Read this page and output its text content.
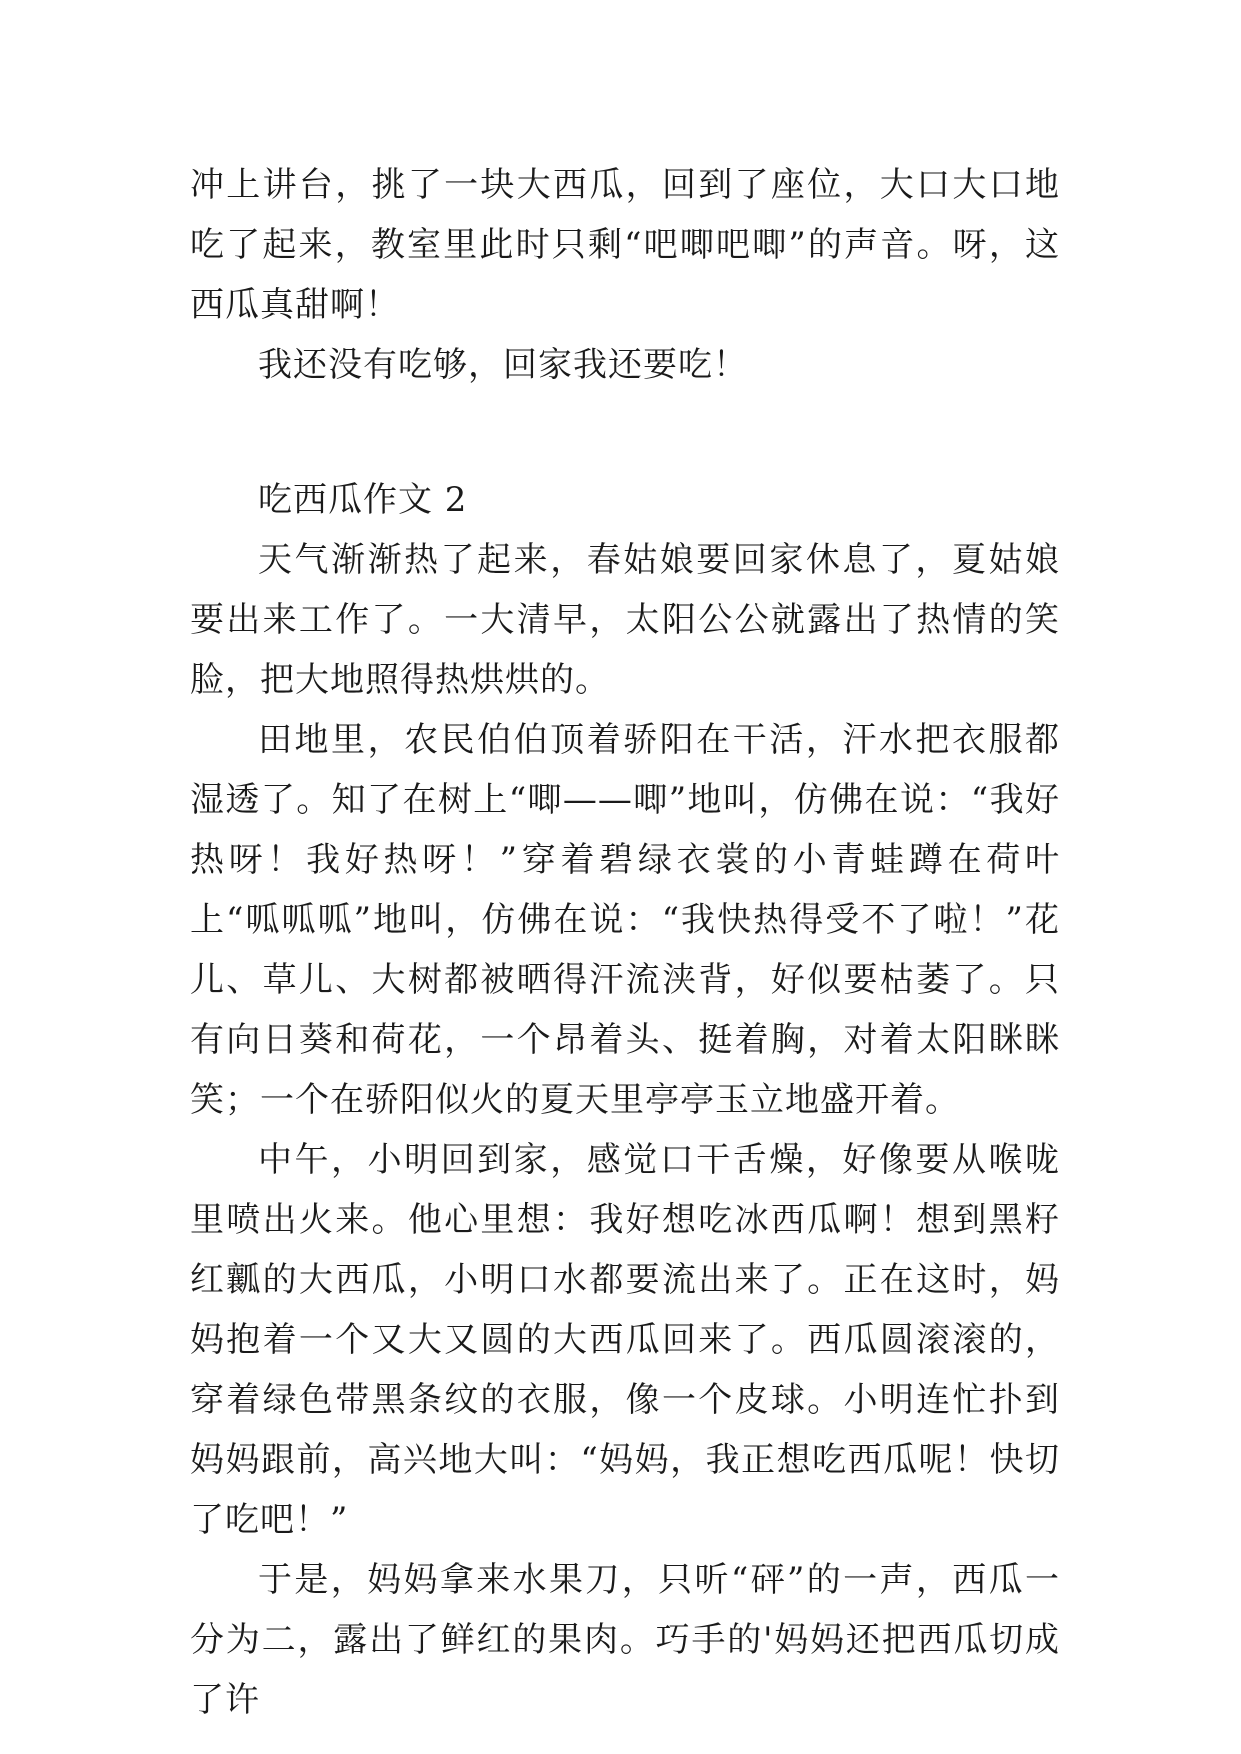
冲上讲台，挑了一块大西瓜，回到了座位，大口大口地吃了起来，教室里此时只剩“吧唧吧唧”的声音。呀，这西瓜真甜啊！

我还没有吃够，回家我还要吃！

吃西瓜作文 2

天气渐渐热了起来，春姑娘要回家休息了，夏姑娘要出来工作了。一大清早，太阳公公就露出了热情的笑脸，把大地照得热烘烘的。

田地里，农民伯伯顶着骄阳在干活，汗水把衣服都湿透了。知了在树上“唧——唧”地叫，仿佛在说：“我好热呀！我好热呀！”穿着碧绿衣裳的小青蛙蹲在荷叶上“呱呱呱”地叫，仿佛在说：“我快热得受不了啦！”花儿、草儿、大树都被晒得汗流浃背，好似要枯萎了。只有向日葵和荷花，一个昂着头、挺着胸，对着太阳眯眯笑；一个在骄阳似火的夏天里亭亭玉立地盛开着。

中午，小明回到家，感觉口干舌燥，好像要从喉咙里喷出火来。他心里想：我好想吃冰西瓜啊！想到黑籽红瓤的大西瓜，小明口水都要流出来了。正在这时，妈妈抱着一个又大又圆的大西瓜回来了。西瓜圆滚滚的，穿着绿色带黑条纹的衣服，像一个皮球。小明连忙扑到妈妈跟前，高兴地大叫：“妈妈，我正想吃西瓜呢！快切了吃吧！”

于是，妈妈拿来水果刀，只听“砰”的一声，西瓜一分为二，露出了鲜红的果肉。巧手的'妈妈还把西瓜切成了许
